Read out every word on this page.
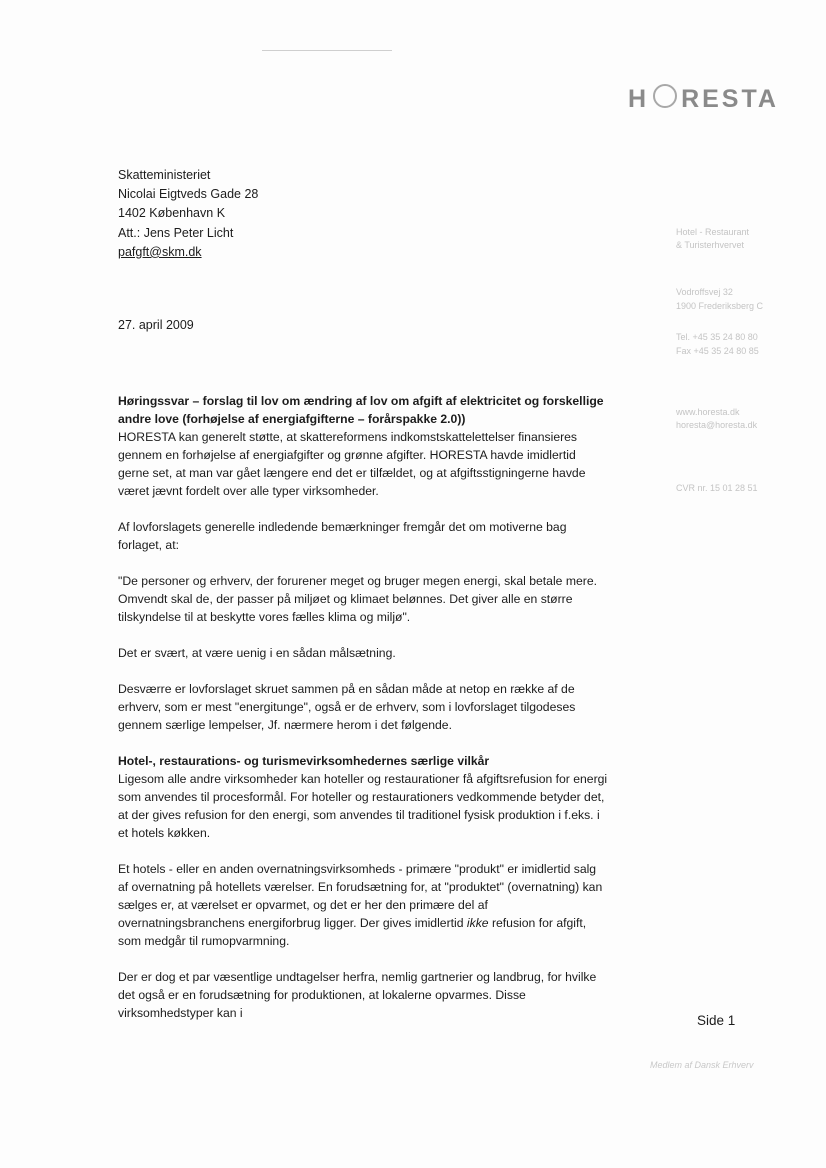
H RESTA
Skatteministeriet
Nicolai Eigtveds Gade 28
1402 København K
Att.: Jens Peter Licht
pafgft@skm.dk
27. april 2009
Hotel - Restaurant
& Turisterhvervet
Vodroffsvej 32
1900 Frederiksberg C
Tel. +45 35 24 80 80
Fax +45 35 24 80 85
www.horesta.dk
horesta@horesta.dk
CVR nr. 15 01 28 51

Høringssvar – forslag til lov om ændring af lov om afgift af elektricitet og forskellige andre love (forhøjelse af energiafgifterne – forårspakke 2.0))
HORESTA kan generelt støtte, at skattereformens indkomstskattelettelser finansieres gennem en forhøjelse af energiafgifter og grønne afgifter. HORESTA havde imidlertid gerne set, at man var gået længere end det er tilfældet, og at afgiftsstigningerne havde været jævnt fordelt over alle typer virksomheder.

Af lovforslagets generelle indledende bemærkninger fremgår det om motiverne bag forlaget, at:

"De personer og erhverv, der forurener meget og bruger megen energi, skal betale mere. Omvendt skal de, der passer på miljøet og klimaet belønnes. Det giver alle en større tilskyndelse til at beskytte vores fælles klima og miljø".

Det er svært, at være uenig i en sådan målsætning.

Desværre er lovforslaget skruet sammen på en sådan måde at netop en række af de erhverv, som er mest "energitunge", også er de erhverv, som i lovforslaget tilgodeses gennem særlige lempelser, Jf. nærmere herom i det følgende.

Hotel-, restaurations- og turismevirksomhedernes særlige vilkår
Ligesom alle andre virksomheder kan hoteller og restaurationer få afgiftsrefusion for energi som anvendes til procesformål. For hoteller og restaurationers vedkommende betyder det, at der gives refusion for den energi, som anvendes til traditionel fysisk produktion i f.eks. i et hotels køkken.

Et hotels - eller en anden overnatningsvirksomheds - primære "produkt" er imidlertid salg af overnatning på hotellets værelser. En forudsætning for, at "produktet" (overnatning) kan sælges er, at værelset er opvarmet, og det er her den primære del af overnatningsbranchens energiforbrug ligger. Der gives imidlertid ikke refusion for afgift, som medgår til rumopvarmning.

Der er dog et par væsentlige undtagelser herfra, nemlig gartnerier og landbrug, for hvilke det også er en forudsætning for produktionen, at lokalerne opvarmes. Disse virksomhedstyper kan i	Side 1
Medlem af Dansk Erhverv
